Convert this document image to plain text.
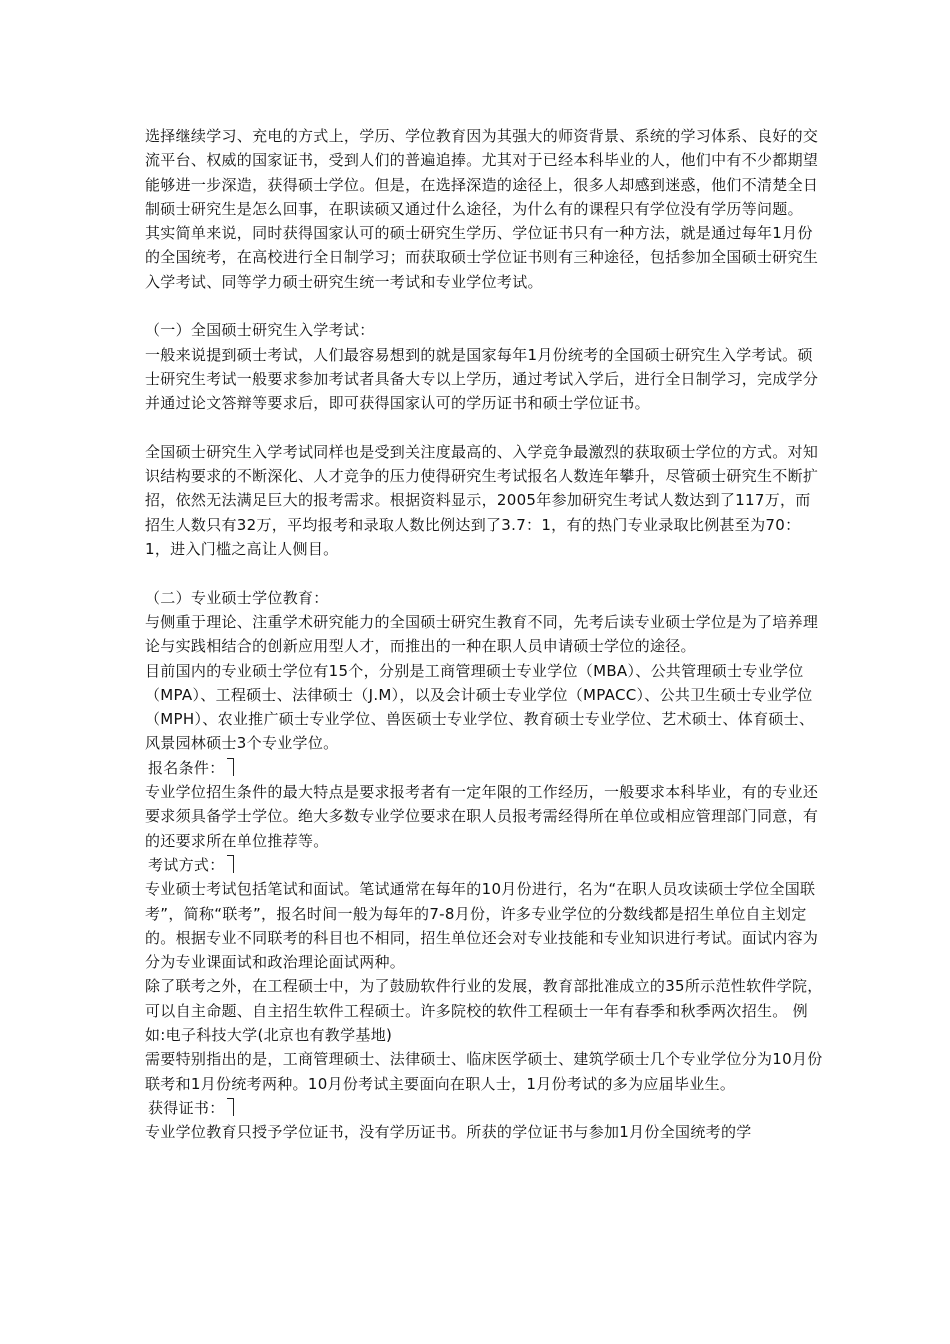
选择继续学习、充电的方式上，学历、学位教育因为其强大的师资背景、系统的学习体系、良好的交流平台、权威的国家证书，受到人们的普遍追捧。尤其对于已经本科毕业的人，他们中有不少都期望能够进一步深造，获得硕士学位。但是，在选择深造的途径上，很多人却感到迷惑，他们不清楚全日制硕士研究生是怎么回事，在职读硕又通过什么途径，为什么有的课程只有学位没有学历等问题。

其实简单来说，同时获得国家认可的硕士研究生学历、学位证书只有一种方法，就是通过每年1月份的全国统考，在高校进行全日制学习；而获取硕士学位证书则有三种途径，包括参加全国硕士研究生入学考试、同等学力硕士研究生统一考试和专业学位考试。

（一）全国硕士研究生入学考试：

一般来说提到硕士考试，人们最容易想到的就是国家每年1月份统考的全国硕士研究生入学考试。硕士研究生考试一般要求参加考试者具备大专以上学历，通过考试入学后，进行全日制学习，完成学分并通过论文答辩等要求后，即可获得国家认可的学历证书和硕士学位证书。

全国硕士研究生入学考试同样也是受到关注度最高的、入学竞争最激烈的获取硕士学位的方式。对知识结构要求的不断深化、人才竞争的压力使得研究生考试报名人数连年攀升，尽管硕士研究生不断扩招，依然无法满足巨大的报考需求。根据资料显示，2005年参加研究生考试人数达到了117万，而招生人数只有32万，平均报考和录取人数比例达到了3.7：1，有的热门专业录取比例甚至为70：1，进入门槛之高让人侧目。

（二）专业硕士学位教育：

与侧重于理论、注重学术研究能力的全国硕士研究生教育不同，先考后读专业硕士学位是为了培养理论与实践相结合的创新应用型人才，而推出的一种在职人员申请硕士学位的途径。

目前国内的专业硕士学位有15个，分别是工商管理硕士专业学位（MBA）、公共管理硕士专业学位（MPA）、工程硕士、法律硕士（J.M），以及会计硕士专业学位（MPACC）、公共卫生硕士专业学位（MPH）、农业推广硕士专业学位、兽医硕士专业学位、教育硕士专业学位、艺术硕士、体育硕士、风景园林硕士3个专业学位。

报名条件：

专业学位招生条件的最大特点是要求报考者有一定年限的工作经历，一般要求本科毕业，有的专业还要求须具备学士学位。绝大多数专业学位要求在职人员报考需经得所在单位或相应管理部门同意，有的还要求所在单位推荐等。

考试方式：

专业硕士考试包括笔试和面试。笔试通常在每年的10月份进行，名为“在职人员攻读硕士学位全国联考”，简称“联考”，报名时间一般为每年的7-8月份，许多专业学位的分数线都是招生单位自主划定的。根据专业不同联考的科目也不相同，招生单位还会对专业技能和专业知识进行考试。面试内容为分为专业课面试和政治理论面试两种。

除了联考之外，在工程硕士中，为了鼓励软件行业的发展，教育部批准成立的35所示范性软件学院，可以自主命题、自主招生软件工程硕士。许多院校的软件工程硕士一年有春季和秋季两次招生。 例如:电子科技大学(北京也有教学基地)

需要特别指出的是，工商管理硕士、法律硕士、临床医学硕士、建筑学硕士几个专业学位分为10月份联考和1月份统考两种。10月份考试主要面向在职人士，1月份考试的多为应届毕业生。

获得证书：

专业学位教育只授予学位证书，没有学历证书。所获的学位证书与参加1月份全国统考的学
